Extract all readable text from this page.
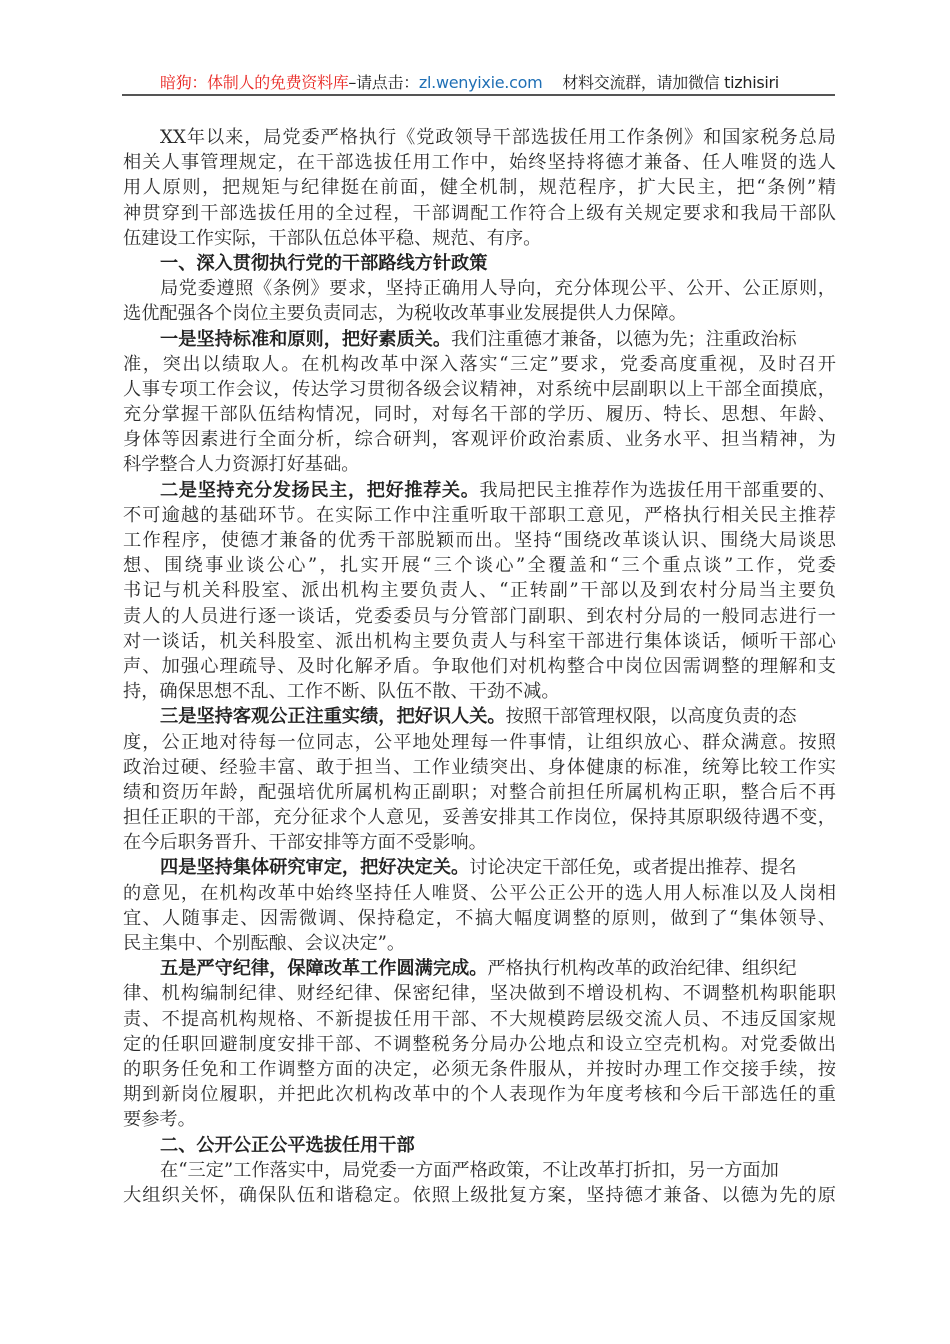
暗狗：体制人的免费资料库–请点击：zl.wenyixie.com 材料交流群，请加微信 tizhisiri
XX年以来，局党委严格执行《党政领导干部选拔任用工作条例》和国家税务总局
相关人事管理规定，在干部选拔任用工作中，始终坚持将德才兼备、任人唯贤的选人
用人原则，把规矩与纪律挺在前面，健全机制，规范程序，扩大民主，把“条例”精
神贯穿到干部选拔任用的全过程，干部调配工作符合上级有关规定要求和我局干部队
伍建设工作实际，干部队伍总体平稳、规范、有序。
一、深入贯彻执行党的干部路线方针政策
局党委遵照《条例》要求，坚持正确用人导向，充分体现公平、公开、公正原则，
选优配强各个岗位主要负责同志，为税收改革事业发展提供人力保障。
一是坚持标准和原则，把好素质关。我们注重德才兼备，以德为先；注重政治标
准，突出以绩取人。在机构改革中深入落实“三定”要求，党委高度重视，及时召开
人事专项工作会议，传达学习贯彻各级会议精神，对系统中层副职以上干部全面摸底，
充分掌握干部队伍结构情况，同时，对每名干部的学历、履历、特长、思想、年龄、
身体等因素进行全面分析，综合研判，客观评价政治素质、业务水平、担当精神，为
科学整合人力资源打好基础。
二是坚持充分发扬民主，把好推荐关。我局把民主推荐作为选拔任用干部重要的、
不可逾越的基础环节。在实际工作中注重听取干部职工意见，严格执行相关民主推荐
工作程序，使德才兼备的优秀干部脱颖而出。坚持“围绕改革谈认识、围绕大局谈思
想、围绕事业谈公心”，扎实开展“三个谈心”全覆盖和“三个重点谈”工作，党委
书记与机关科股室、派出机构主要负责人、“正转副”干部以及到农村分局当主要负
责人的人员进行逐一谈话，党委委员与分管部门副职、到农村分局的一般同志进行一
对一谈话，机关科股室、派出机构主要负责人与科室干部进行集体谈话，倾听干部心
声、加强心理疏导、及时化解矛盾。争取他们对机构整合中岗位因需调整的理解和支
持，确保思想不乱、工作不断、队伍不散、干劲不减。
三是坚持客观公正注重实绩，把好识人关。按照干部管理权限，以高度负责的态
度，公正地对待每一位同志，公平地处理每一件事情，让组织放心、群众满意。按照
政治过硬、经验丰富、敢于担当、工作业绩突出、身体健康的标准，统筹比较工作实
绩和资历年龄，配强培优所属机构正副职；对整合前担任所属机构正职，整合后不再
担任正职的干部，充分征求个人意见，妥善安排其工作岗位，保持其原职级待遇不变，
在今后职务晋升、干部安排等方面不受影响。
四是坚持集体研究审定，把好决定关。讨论决定干部任免，或者提出推荐、提名
的意见，在机构改革中始终坚持任人唯贤、公平公正公开的选人用人标准以及人岗相
宜、人随事走、因需微调、保持稳定，不搞大幅度调整的原则，做到了“集体领导、
民主集中、个别酝酿、会议决定”。
五是严守纪律，保障改革工作圆满完成。严格执行机构改革的政治纪律、组织纪
律、机构编制纪律、财经纪律、保密纪律，坚决做到不增设机构、不调整机构职能职
责、不提高机构规格、不新提拔任用干部、不大规模跨层级交流人员、不违反国家规
定的任职回避制度安排干部、不调整税务分局办公地点和设立空壳机构。对党委做出
的职务任免和工作调整方面的决定，必须无条件服从，并按时办理工作交接手续，按
期到新岗位履职，并把此次机构改革中的个人表现作为年度考核和今后干部选任的重
要参考。
二、公开公正公平选拔任用干部
在“三定”工作落实中，局党委一方面严格政策，不让改革打折扣，另一方面加
大组织关怀，确保队伍和谐稳定。依照上级批复方案，坚持德才兼备、以德为先的原
